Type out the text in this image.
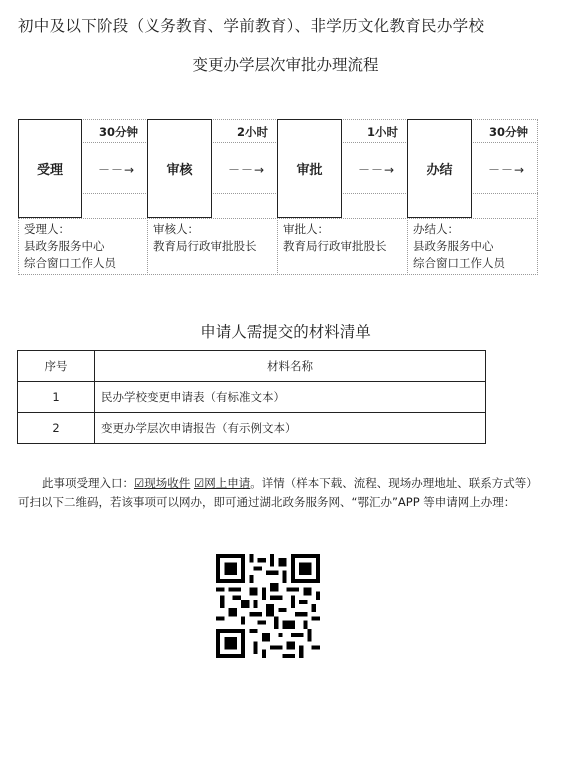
初中及以下阶段（义务教育、学前教育）、非学历文化教育民办学校
变更办学层次审批办理流程
受理
30分钟
－－→
受理人：
县政务服务中心
综合窗口工作人员
审核
2小时
－－→
审核人：
教育局行政审批股长
审批
1小时
－－→
审批人：
教育局行政审批股长
办结
30分钟
－－→
办结人：
县政务服务中心
综合窗口工作人员
申请人需提交的材料清单
序号	材料名称
1	民办学校变更申请表（有标准文本）
2	变更办学层次申请报告（有示例文本）
此事项受理入口：☑现场收件 ☑网上申请。详情（样本下载、流程、现场办理地址、联系方式等）可扫以下二维码，若该事项可以网办，即可通过湖北政务服务网、“鄂汇办”APP 等申请网上办理：
